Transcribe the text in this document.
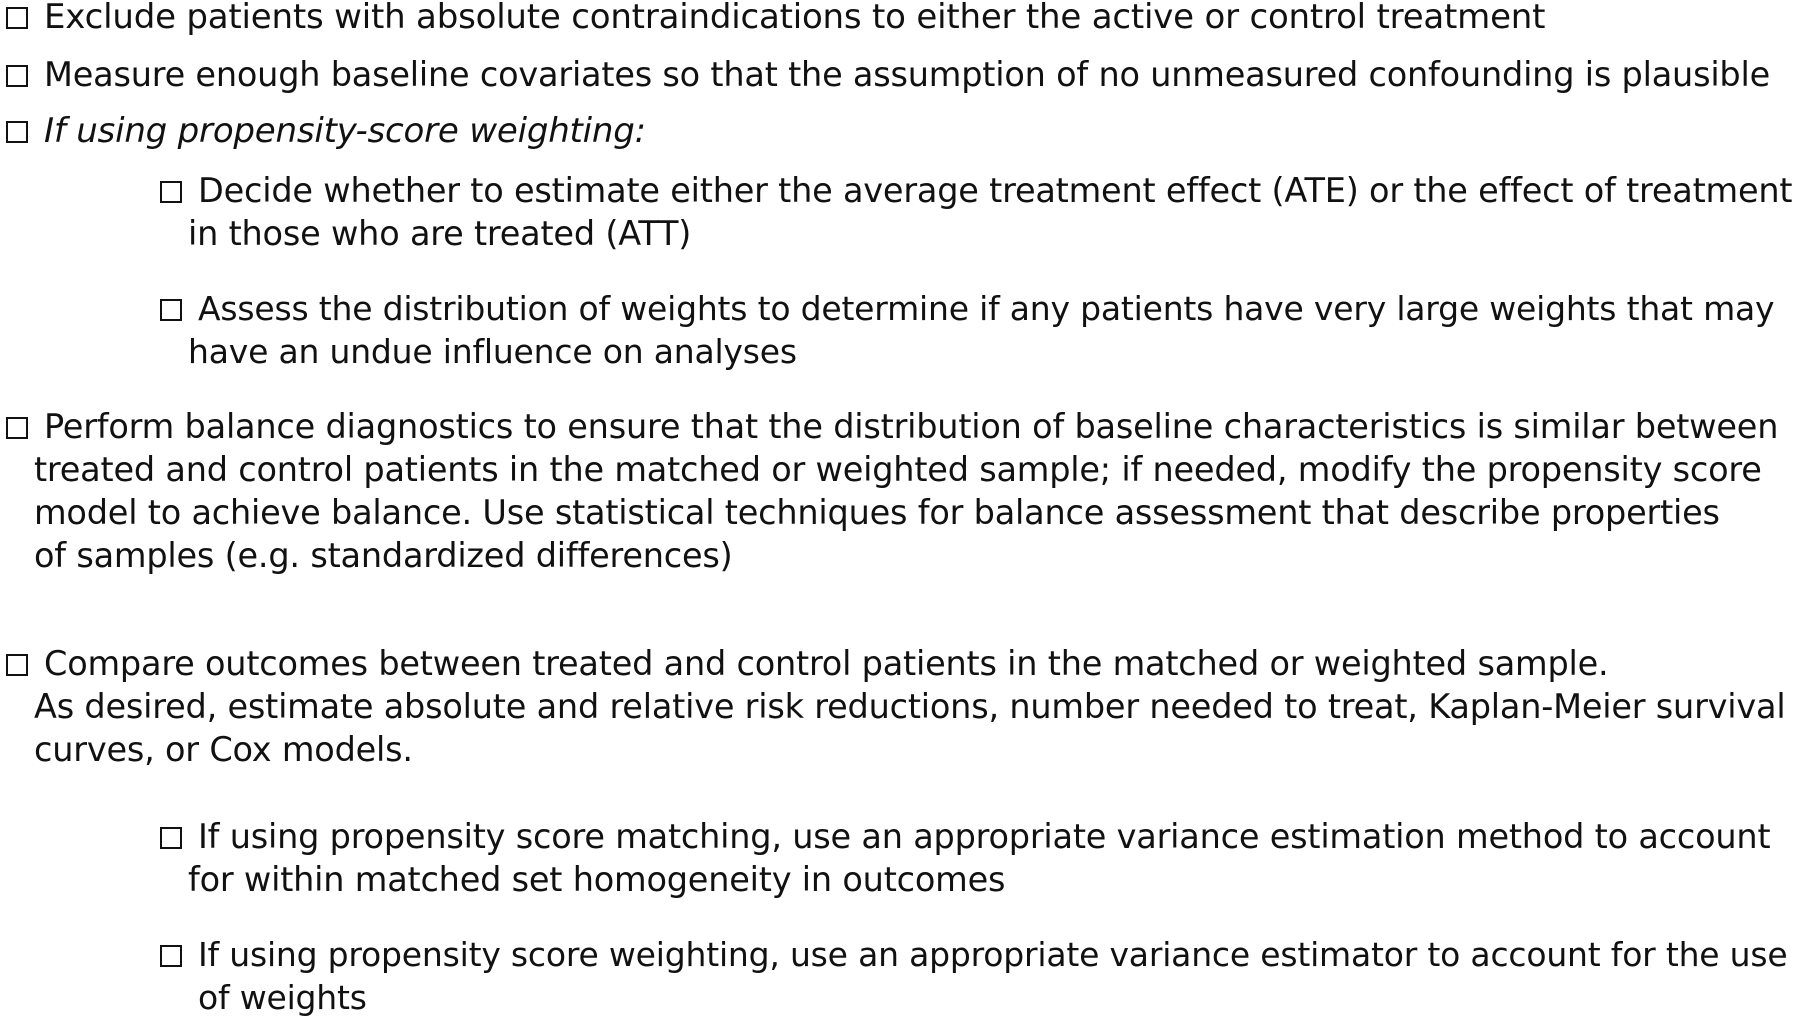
Exclude patients with absolute contraindications to either the active or control treatment
Measure enough baseline covariates so that the assumption of no unmeasured confounding is plausible
If using propensity-score weighting:
Decide whether to estimate either the average treatment effect (ATE) or the effect of treatment
in those who are treated (ATT)
Assess the distribution of weights to determine if any patients have very large weights that may
have an undue influence on analyses
Perform balance diagnostics to ensure that the distribution of baseline characteristics is similar between
treated and control patients in the matched or weighted sample; if needed, modify the propensity score
model to achieve balance. Use statistical techniques for balance assessment that describe properties
of samples (e.g. standardized differences)
Compare outcomes between treated and control patients in the matched or weighted sample.
As desired, estimate absolute and relative risk reductions, number needed to treat, Kaplan-Meier survival
curves, or Cox models.
If using propensity score matching, use an appropriate variance estimation method to account
for within matched set homogeneity in outcomes
If using propensity score weighting, use an appropriate variance estimator to account for the use
of weights
